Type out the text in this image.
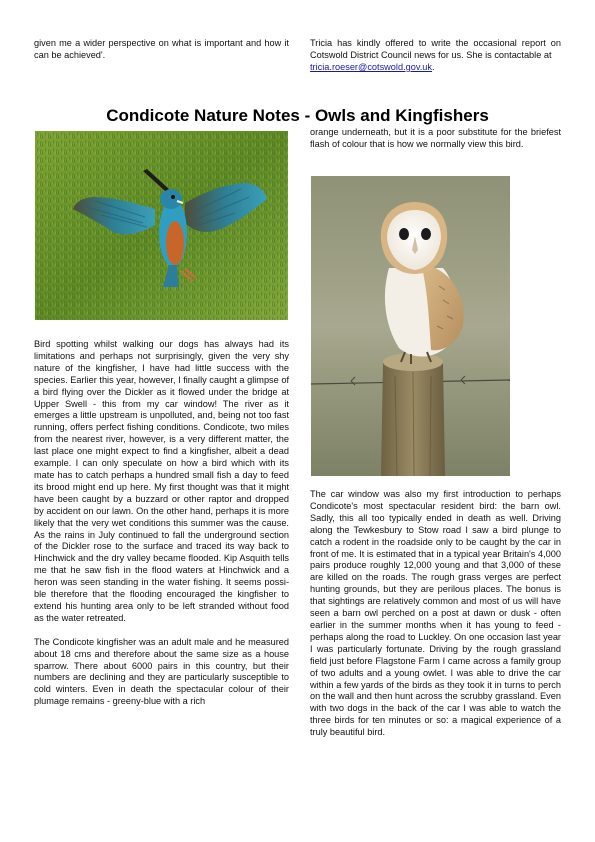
given me a wider perspective on what is important and how it can be achieved'.

Tricia has kindly offered to write the occasional report on Cotswold District Council news for us. She is contactable at
tricia.roeser@cotswold.gov.uk.

Condicote Nature Notes - Owls and Kingfishers

Bird spotting whilst walking our dogs has always had its limitations and perhaps not surprisingly, given the very shy nature of the kingfisher, I have had little success with the species. Earlier this year, however, I finally caught a glimpse of a bird flying over the Dickler as it flowed under the bridge at Upper Swell - this from my car window! The river as it emerges a little upstream is unpolluted, and, being not too fast running, offers perfect fishing conditions. Condicote, two miles from the nearest river, however, is a very different matter, the last place one might expect to find a kingfisher, albeit a dead example. I can only speculate on how a bird which with its mate has to catch perhaps a hundred small fish a day to feed its brood might end up here. My first thought was that it might have been caught by a buzzard or other raptor and dropped by accident on our lawn. On the other hand, perhaps it is more likely that the very wet conditions this summer was the cause. As the rains in July continued to fall the underground section of the Dickler rose to the surface and traced its way back to Hinchwick and the dry valley became flooded. Kip Asquith tells me that he saw fish in the flood waters at Hinchwick and a heron was seen standing in the water fishing. It seems possible therefore that the flooding encouraged the kingfisher to extend his hunting area only to be left stranded without food as the water retreated.

The Condicote kingfisher was an adult male and he measured about 18 cms and therefore about the same size as a house sparrow. There about 6000 pairs in this country, but their numbers are declining and they are particularly susceptible to cold winters. Even in death the spectacular colour of their plumage remains - greeny-blue with a rich

orange underneath, but it is a poor substitute for the briefest flash of colour that is how we normally view this bird.

The car window was also my first introduction to perhaps Condicote's most spectacular resident bird: the barn owl. Sadly, this all too typically ended in death as well. Driving along the Tewkesbury to Stow road I saw a bird plunge to catch a rodent in the roadside only to be caught by the car in front of me. It is estimated that in a typical year Britain's 4,000 pairs produce roughly 12,000 young and that 3,000 of these are killed on the roads. The rough grass verges are perfect hunting grounds, but they are perilous places. The bonus is that sightings are relatively common and most of us will have seen a barn owl perched on a post at dawn or dusk - often earlier in the summer months when it has young to feed - perhaps along the road to Luckley. On one occasion last year I was particularly fortunate. Driving by the rough grassland field just before Flagstone Farm I came across a family group of two adults and a young owlet. I was able to drive the car within a few yards of the birds as they took it in turns to perch on the wall and then hunt across the scrubby grassland. Even with two dogs in the back of the car I was able to watch the three birds for ten minutes or so: a magical experience of a truly beautiful bird.
